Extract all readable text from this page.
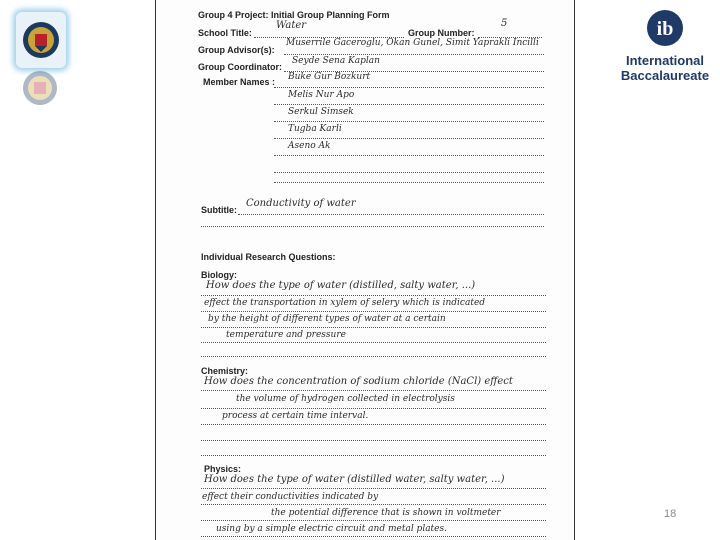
ib
International
Baccalaureate
Group 4 Project: Initial Group Planning Form
School Title:
Water
Group Number:
5
Group Advisor(s):
Muserrile Gaceroglu, Okan Gunel, Simit Yaprakli Incilli
Group Coordinator:
Seyde Sena Kaplan
Member Names : Buke Gur Bozkurt
Melis Nur Apo
Serkul Simsek
Tugba Karli
Aseno Ak
Subtitle:
Conductivity of water
Individual Research Questions:
Biology:
How does the type of water (distilled, salty water, ...)
effect the transportation in xylem of selery which is indicated
by the height of different types of water at a certain
temperature and pressure
Chemistry:
How does the concentration of sodium chloride (NaCl) effect
the volume of hydrogen collected in electrolysis
process at certain time interval.
Physics:
How does the type of water (distilled water, salty water, ...)
effect their conductivities indicated by
the potential difference that is shown in voltmeter
using by a simple electric circuit and metal plates.
18
